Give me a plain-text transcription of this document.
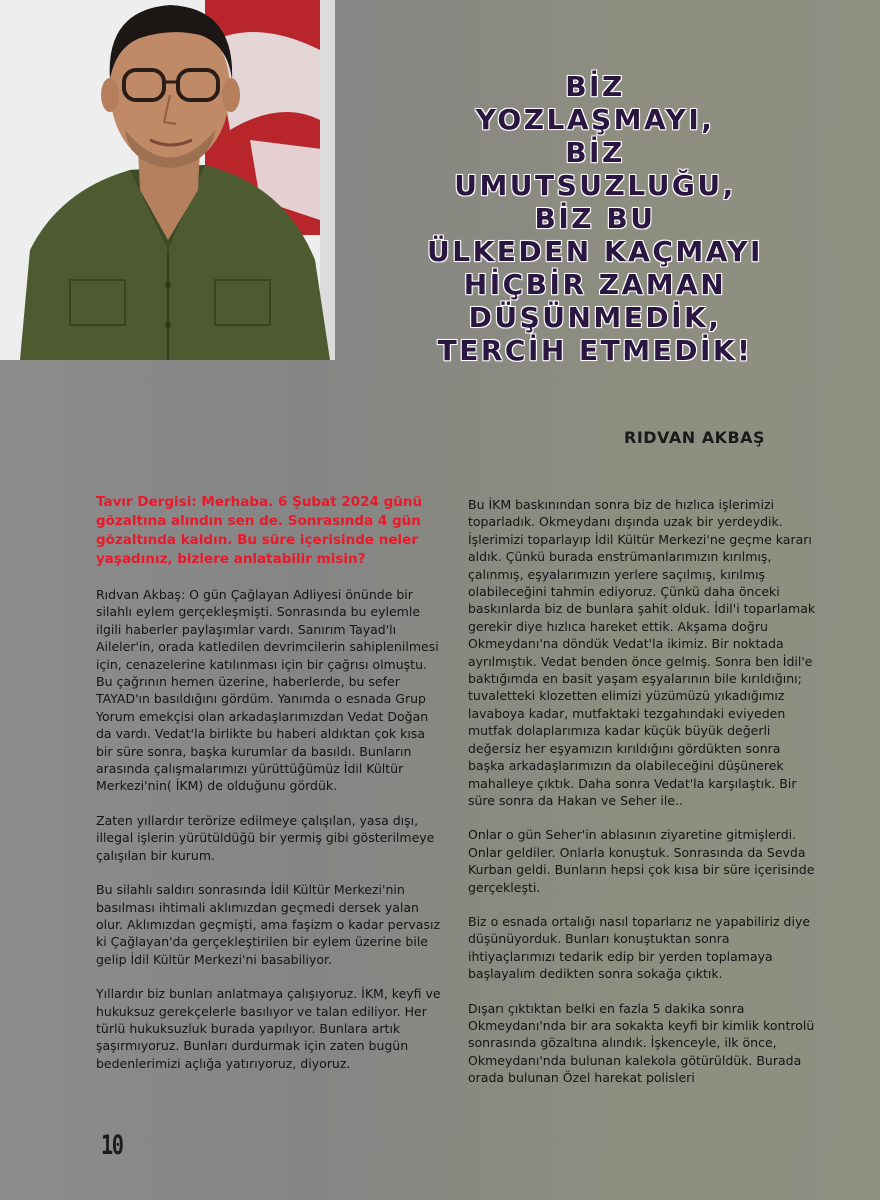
BİZ
YOZLAŞMAYI,
BİZ
UMUTSUZLUĞU,
BİZ BU
ÜLKEDEN KAÇMAYI
HİÇBİR ZAMAN
DÜŞÜNMEDİK,
TERCİH ETMEDİK!

RIDVAN AKBAŞ

Tavır Dergisi: Merhaba. 6 Şubat 2024 günü gözaltına alındın sen de. Sonrasında 4 gün gözaltında kaldın. Bu süre içerisinde neler yaşadınız, bizlere anlatabilir misin?

Rıdvan Akbaş: O gün Çağlayan Adliyesi önünde bir silahlı eylem gerçekleşmişti. Sonrasında bu eylemle ilgili haberler paylaşımlar vardı. Sanırım Tayad'lı Aileler'in, orada katledilen devrimcilerin sahiplenilmesi için, cenazelerine katılınması için bir çağrısı olmuştu. Bu çağrının hemen üzerine, haberlerde, bu sefer TAYAD'ın basıldığını gördüm. Yanımda o esnada Grup Yorum emekçisi olan arkadaşlarımızdan Vedat Doğan da vardı. Vedat'la birlikte bu haberi aldıktan çok kısa bir süre sonra, başka kurumlar da basıldı. Bunların arasında çalışmalarımızı yürüttüğümüz İdil Kültür Merkezi'nin( İKM) de olduğunu gördük.

Zaten yıllardır terörize edilmeye çalışılan, yasa dışı, illegal işlerin yürütüldüğü bir yermiş gibi gösterilmeye çalışılan bir kurum.

Bu silahlı saldırı sonrasında İdil Kültür Merkezi'nin basılması ihtimali aklımızdan geçmedi dersek yalan olur. Aklımızdan geçmişti, ama faşizm o kadar pervasız ki Çağlayan'da gerçekleştirilen bir eylem üzerine bile gelip İdil Kültür Merkezi'ni basabiliyor.

Yıllardır biz bunları anlatmaya çalışıyoruz. İKM, keyfi ve hukuksuz gerekçelerle basılıyor ve talan ediliyor. Her türlü hukuksuzluk burada yapılıyor. Bunlara artık şaşırmıyoruz. Bunları durdurmak için zaten bugün bedenlerimizi açlığa yatırıyoruz, diyoruz.

Bu İKM baskınından sonra biz de hızlıca işlerimizi toparladık. Okmeydanı dışında uzak bir yerdeydik. İşlerimizi toparlayıp İdil Kültür Merkezi'ne geçme kararı aldık. Çünkü burada enstrümanlarımızın kırılmış, çalınmış, eşyalarımızın yerlere saçılmış, kırılmış olabileceğini tahmin ediyoruz. Çünkü daha önceki baskınlarda biz de bunlara şahit olduk. İdil'i toparlamak gerekir diye hızlıca hareket ettik. Akşama doğru Okmeydanı'na döndük Vedat'la ikimiz. Bir noktada ayrılmıştık. Vedat benden önce gelmiş. Sonra ben İdil'e baktığımda en basit yaşam eşyalarının bile kırıldığını; tuvaletteki klozetten elimizi yüzümüzü yıkadığımız lavaboya kadar, mutfaktaki tezgahındaki eviyeden mutfak dolaplarımıza kadar küçük büyük değerli değersiz her eşyamızın kırıldığını gördükten sonra başka arkadaşlarımızın da olabileceğini düşünerek mahalleye çıktık. Daha sonra Vedat'la karşılaştık. Bir süre sonra da Hakan ve Seher ile..

Onlar o gün Seher'in ablasının ziyaretine gitmişlerdi. Onlar geldiler. Onlarla konuştuk. Sonrasında da Sevda Kurban geldi. Bunların hepsi çok kısa bir süre içerisinde gerçekleşti.

Biz o esnada ortalığı nasıl toparlarız ne yapabiliriz diye düşünüyorduk. Bunları konuştuktan sonra ihtiyaçlarımızı tedarik edip bir yerden toplamaya başlayalım dedikten sonra sokağa çıktık.

Dışarı çıktıktan belki en fazla 5 dakika sonra Okmeydanı'nda bir ara sokakta keyfi bir kimlik kontrolü sonrasında gözaltına alındık. İşkenceyle, ilk önce, Okmeydanı'nda bulunan kalekola götürüldük. Burada orada bulunan Özel harekat polisleri

10
